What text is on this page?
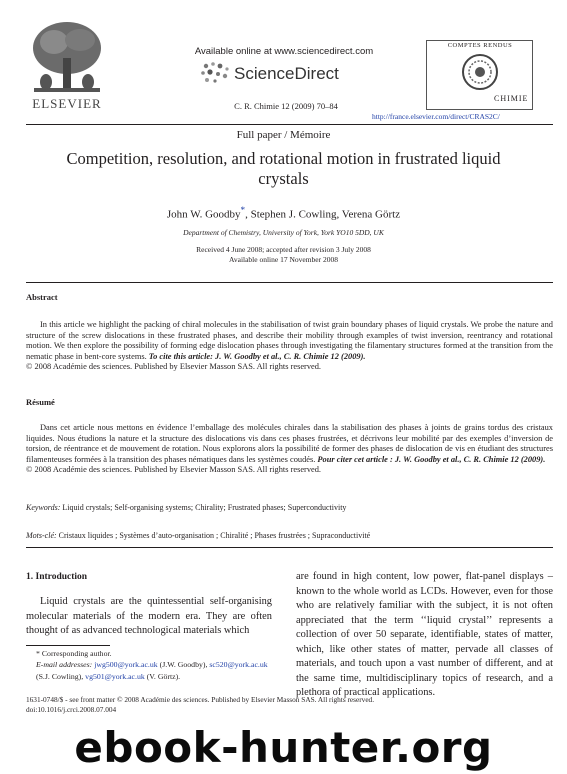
ELSEVIER
Available online at www.sciencedirect.com
ScienceDirect
C. R. Chimie 12 (2009) 70–84
COMPTES RENDUS
CHIMIE
http://france.elsevier.com/direct/CRAS2C/
Full paper / Mémoire
Competition, resolution, and rotational motion in frustrated liquid crystals
John W. Goodby*, Stephen J. Cowling, Verena Görtz
Department of Chemistry, University of York, York YO10 5DD, UK
Received 4 June 2008; accepted after revision 3 July 2008
Available online 17 November 2008
Abstract

In this article we highlight the packing of chiral molecules in the stabilisation of twist grain boundary phases of liquid crystals. We probe the nature and structure of the screw dislocations in these frustrated phases, and describe their mobility through examples of twist inversion, reentrancy and rotational motion. We then explore the possibility of forming edge dislocation phases through investigating the filamentary structures formed at the transition from the nematic phase in bent-core systems. To cite this article: J. W. Goodby et al., C. R. Chimie 12 (2009).

© 2008 Académie des sciences. Published by Elsevier Masson SAS. All rights reserved.

Résumé

Dans cet article nous mettons en évidence l’emballage des molécules chirales dans la stabilisation des phases à joints de grains tordus des cristaux liquides. Nous étudions la nature et la structure des dislocations vis dans ces phases frustrées, et décrivons leur mobilité par des exemples d’inversion de torsion, de réentrance et de mouvement de rotation. Nous explorons alors la possibilité de former des phases de dislocation de vis en étudiant des structures filamenteuses formées à la transition des phases nématiques dans les systèmes coudés. Pour citer cet article : J. W. Goodby et al., C. R. Chimie 12 (2009).

© 2008 Académie des sciences. Published by Elsevier Masson SAS. All rights reserved.

Keywords: Liquid crystals; Self-organising systems; Chirality; Frustrated phases; Superconductivity
Mots-clé: Cristaux liquides ; Systèmes d’auto-organisation ; Chiralité ; Phases frustrées ; Supraconductivité
1. Introduction
Liquid crystals are the quintessential self-organising molecular materials of the modern era. They are often thought of as advanced technological materials which
are found in high content, low power, flat-panel displays – known to the whole world as LCDs. However, even for those who are relatively familiar with the subject, it is not often appreciated that the term ‘‘liquid crystal’’ represents a collection of over 50 separate, identifiable, states of matter, which, like other states of matter, pervade all classes of materials, and touch upon a vast number of different, and at the same time, multidisciplinary topics of research, and a plethora of practical applications.
* Corresponding author.
E-mail addresses: jwg500@york.ac.uk (J.W. Goodby), sc520@york.ac.uk (S.J. Cowling), vg501@york.ac.uk (V. Görtz).
1631-0748/$ - see front matter © 2008 Académie des sciences. Published by Elsevier Masson SAS. All rights reserved.
doi:10.1016/j.crci.2008.07.004
ebook-hunter.org
